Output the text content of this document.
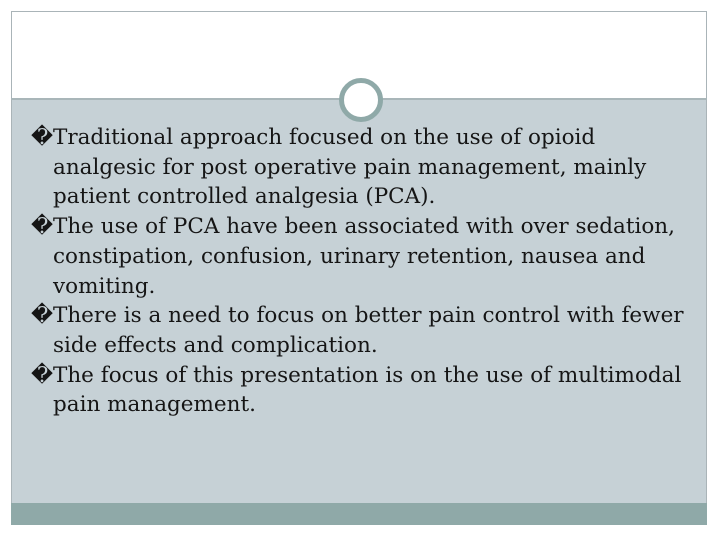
� Traditional approach focused on the use of opioid analgesic for post operative pain management, mainly patient controlled analgesia (PCA).
� The use of PCA have been associated with over sedation, constipation, confusion, urinary retention, nausea and vomiting.
� There is a need to focus on better pain control with fewer side effects and complication.
� The focus of this presentation is on the use of multimodal pain management.
